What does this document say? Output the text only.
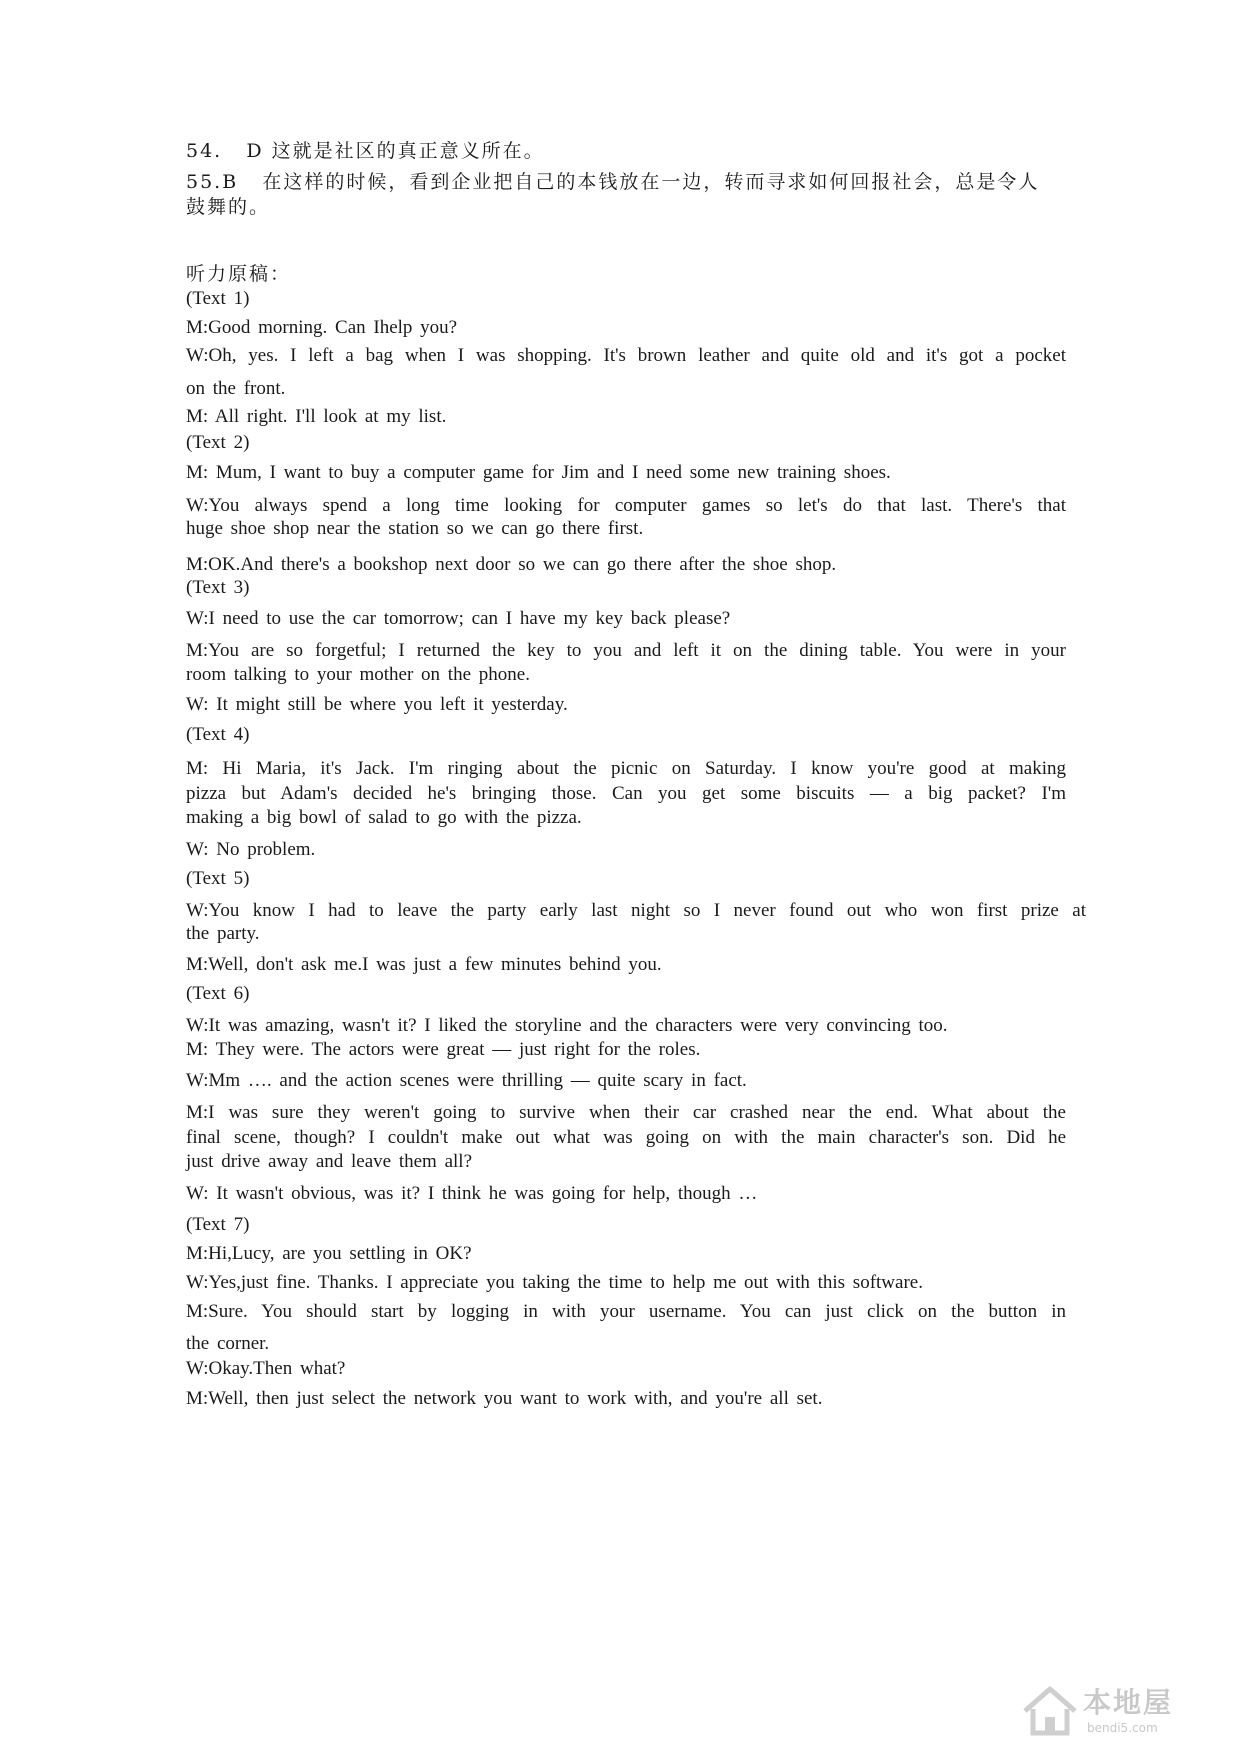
54. D 这就是社区的真正意义所在。
55.B 在这样的时候，看到企业把自己的本钱放在一边，转而寻求如何回报社会，总是令人
鼓舞的。
听力原稿：
(Text 1)
M:Good morning. Can Ihelp you?
W:Oh, yes. I left a bag when I was shopping. It's brown leather and quite old and it's got a pocket
on the front.
M: All right. I'll look at my list.
(Text 2)
M: Mum, I want to buy a computer game for Jim and I need some new training shoes.
W:You always spend a long time looking for computer games so let's do that last. There's that
huge shoe shop near the station so we can go there first.
M:OK.And there's a bookshop next door so we can go there after the shoe shop.
(Text 3)
W:I need to use the car tomorrow; can I have my key back please?
M:You are so forgetful; I returned the key to you and left it on the dining table. You were in your
room talking to your mother on the phone.
W: It might still be where you left it yesterday.
(Text 4)
M: Hi Maria, it's Jack. I'm ringing about the picnic on Saturday. I know you're good at making
pizza but Adam's decided he's bringing those. Can you get some biscuits — a big packet? I'm
making a big bowl of salad to go with the pizza.
W: No problem.
(Text 5)
W:You know I had to leave the party early last night so I never found out who won first prize at
the party.
M:Well, don't ask me.I was just a few minutes behind you.
(Text 6)
W:It was amazing, wasn't it? I liked the storyline and the characters were very convincing too.
M: They were. The actors were great — just right for the roles.
W:Mm …. and the action scenes were thrilling — quite scary in fact.
M:I was sure they weren't going to survive when their car crashed near the end. What about the
final scene, though? I couldn't make out what was going on with the main character's son. Did he
just drive away and leave them all?
W: It wasn't obvious, was it? I think he was going for help, though …
(Text 7)
M:Hi,Lucy, are you settling in OK?
W:Yes,just fine. Thanks. I appreciate you taking the time to help me out with this software.
M:Sure. You should start by logging in with your username. You can just click on the button in
the corner.
W:Okay.Then what?
M:Well, then just select the network you want to work with, and you're all set.
本地屋
bendi5.com
